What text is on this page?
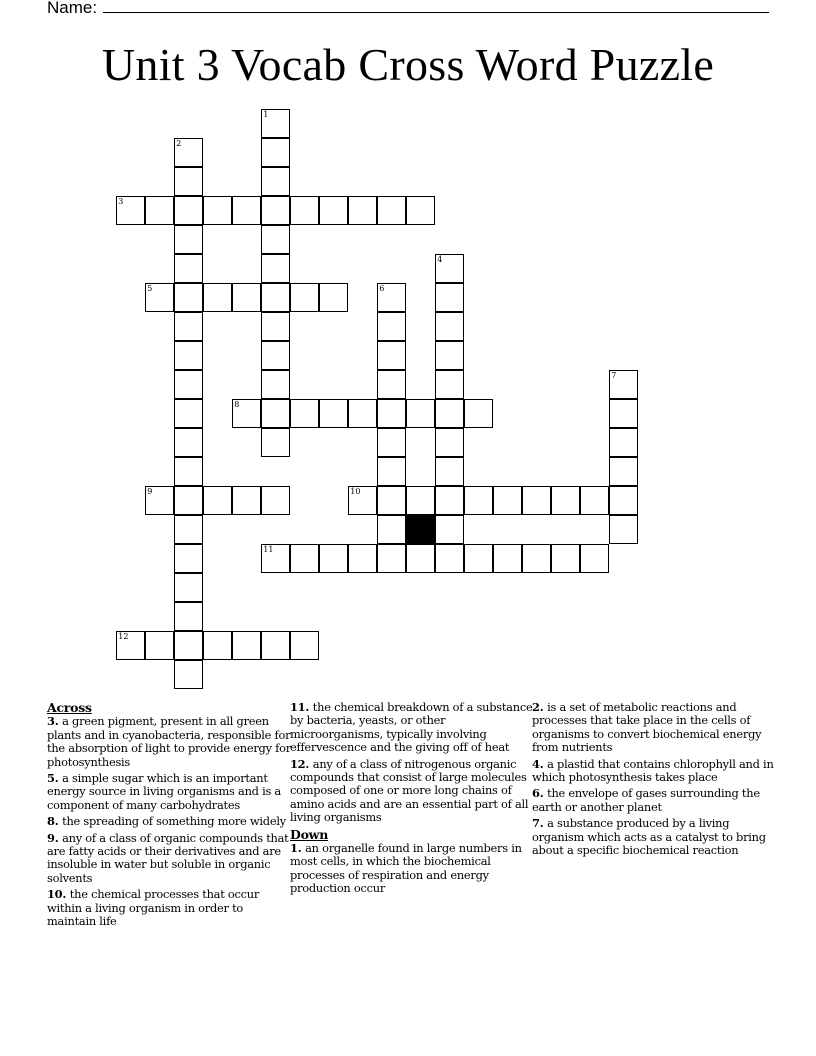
Name:
Unit 3 Vocab Cross Word Puzzle
3
5
8
9	10
11
12
1
2
4
6
7
Across
3. a green pigment, present in all green plants and in cyanobacteria, responsible for the absorption of light to provide energy for photosynthesis
5. a simple sugar which is an important energy source in living organisms and is a component of many carbohydrates
8. the spreading of something more widely
9. any of a class of organic compounds that are fatty acids or their derivatives and are insoluble in water but soluble in organic solvents
10. the chemical processes that occur within a living organism in order to maintain life
11. the chemical breakdown of a substance by bacteria, yeasts, or other microorganisms, typically involving effervescence and the giving off of heat
12. any of a class of nitrogenous organic compounds that consist of large molecules composed of one or more long chains of amino acids and are an essential part of all living organisms
Down
1. an organelle found in large numbers in most cells, in which the biochemical processes of respiration and energy production occur
2. is a set of metabolic reactions and processes that take place in the cells of organisms to convert biochemical energy from nutrients
4. a plastid that contains chlorophyll and in which photosynthesis takes place
6. the envelope of gases surrounding the earth or another planet
7. a substance produced by a living organism which acts as a catalyst to bring about a specific biochemical reaction
